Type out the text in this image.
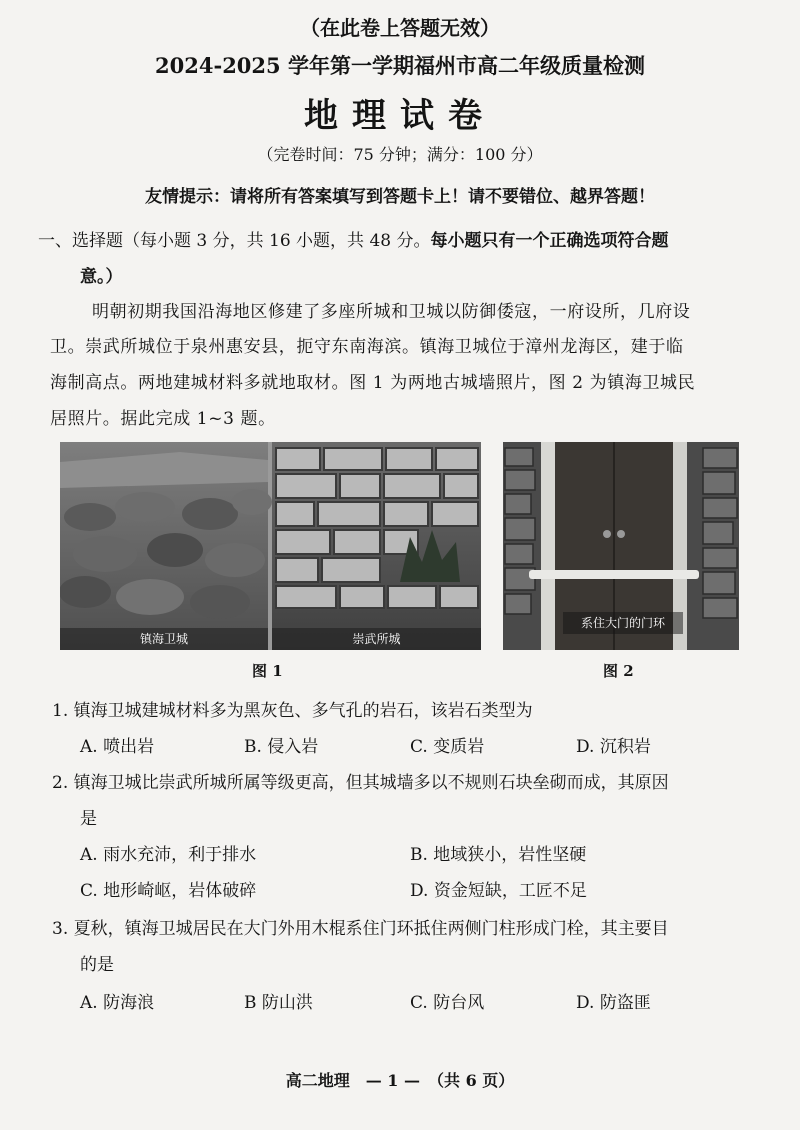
（在此卷上答题无效）
2024-2025 学年第一学期福州市高二年级质量检测
地理试卷
（完卷时间：75 分钟；满分：100 分）
友情提示：请将所有答案填写到答题卡上！请不要错位、越界答题！
一、选择题（每小题 3 分，共 16 小题，共 48 分。每小题只有一个正确选项符合题
意。）
明朝初期我国沿海地区修建了多座所城和卫城以防御倭寇，一府设所，几府设
卫。崇武所城位于泉州惠安县，扼守东南海滨。镇海卫城位于漳州龙海区，建于临
海制高点。两地建城材料多就地取材。图 1 为两地古城墙照片，图 2 为镇海卫城民
居照片。据此完成 1~3 题。
镇海卫城	崇武所城
系住大门的门环
图 1	图 2
1. 镇海卫城建城材料多为黑灰色、多气孔的岩石，该岩石类型为
A. 喷出岩	B. 侵入岩	C. 变质岩	D. 沉积岩
2. 镇海卫城比崇武所城所属等级更高，但其城墙多以不规则石块垒砌而成，其原因
是
A. 雨水充沛，利于排水	B. 地域狭小，岩性坚硬
C. 地形崎岖，岩体破碎	D. 资金短缺，工匠不足
3. 夏秋，镇海卫城居民在大门外用木棍系住门环抵住两侧门柱形成门栓，其主要目
的是
A. 防海浪	B 防山洪	C. 防台风	D. 防盗匪
高二地理　— 1 —　（共 6 页）
